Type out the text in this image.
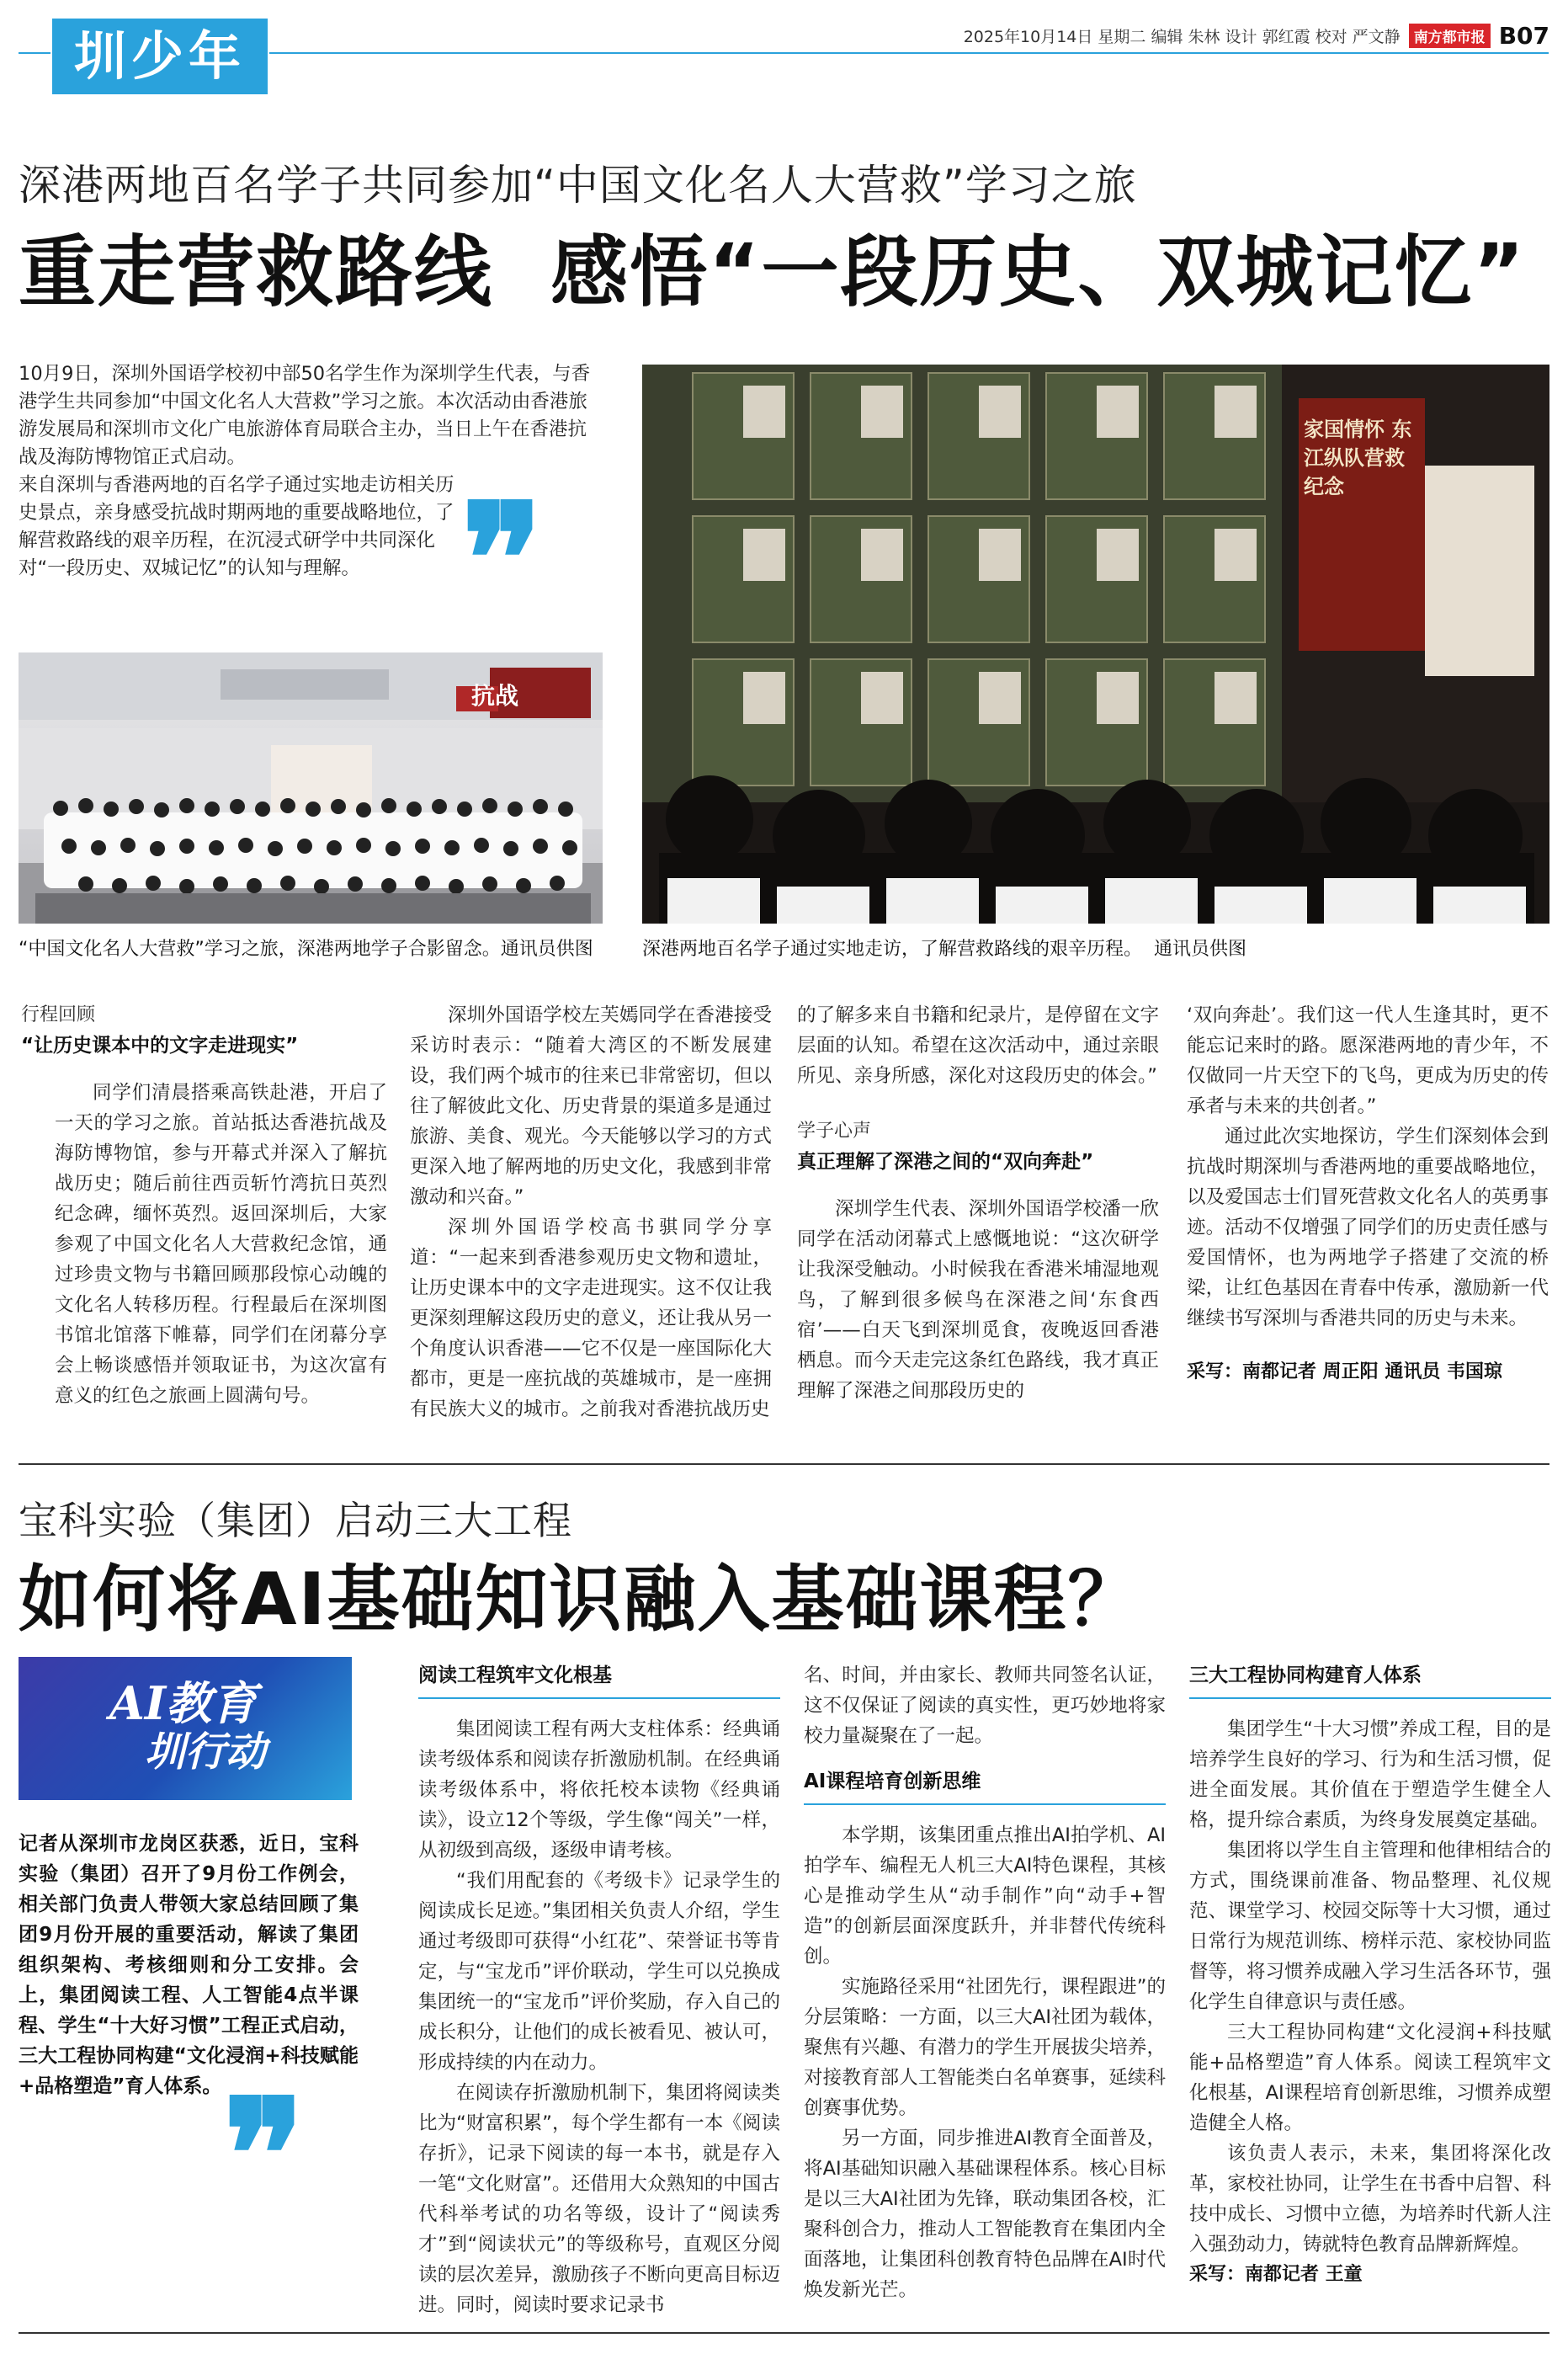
圳少年	2025年10月14日 星期二 编辑 朱林 设计 郭红霞 校对 严文静 南方都市报 B07
深港两地百名学子共同参加“中国文化名人大营救”学习之旅
重走营救路线  感悟“一段历史、双城记忆”

10月9日，深圳外国语学校初中部50名学生作为深圳学生代表，与香港学生共同参加“中国文化名人大营救”学习之旅。本次活动由香港旅游发展局和深圳市文化广电旅游体育局联合主办，当日上午在香港抗战及海防博物馆正式启动。

来自深圳与香港两地的百名学子通过实地走访相关历史景点，亲身感受抗战时期两地的重要战略地位，了解营救路线的艰辛历程，在沉浸式研学中共同深化对“一段历史、双城记忆”的认知与理解。 ❞
抗战
家国情怀 东江纵队营救纪念
“中国文化名人大营救”学习之旅，深港两地学子合影留念。通讯员供图	深港两地百名学子通过实地走访，了解营救路线的艰辛历程。  通讯员供图
行程回顾
“让历史课本中的文字走进现实”

同学们清晨搭乘高铁赴港，开启了一天的学习之旅。首站抵达香港抗战及海防博物馆，参与开幕式并深入了解抗战历史；随后前往西贡斩竹湾抗日英烈纪念碑，缅怀英烈。返回深圳后，大家参观了中国文化名人大营救纪念馆，通过珍贵文物与书籍回顾那段惊心动魄的文化名人转移历程。行程最后在深圳图书馆北馆落下帷幕，同学们在闭幕分享会上畅谈感悟并领取证书，为这次富有意义的红色之旅画上圆满句号。

深圳外国语学校左芙嫣同学在香港接受采访时表示：“随着大湾区的不断发展建设，我们两个城市的往来已非常密切，但以往了解彼此文化、历史背景的渠道多是通过旅游、美食、观光。今天能够以学习的方式更深入地了解两地的历史文化，我感到非常激动和兴奋。”

深圳外国语学校高书骐同学分享道：“一起来到香港参观历史文物和遗址，让历史课本中的文字走进现实。这不仅让我更深刻理解这段历史的意义，还让我从另一个角度认识香港——它不仅是一座国际化大都市，更是一座抗战的英雄城市，是一座拥有民族大义的城市。之前我对香港抗战历史

的了解多来自书籍和纪录片，是停留在文字层面的认知。希望在这次活动中，通过亲眼所见、亲身所感，深化对这段历史的体会。”

学子心声
真正理解了深港之间的“双向奔赴”

深圳学生代表、深圳外国语学校潘一欣同学在活动闭幕式上感慨地说：“这次研学让我深受触动。小时候我在香港米埔湿地观鸟，了解到很多候鸟在深港之间‘东食西宿’——白天飞到深圳觅食，夜晚返回香港栖息。而今天走完这条红色路线，我才真正理解了深港之间那段历史的

‘双向奔赴’。我们这一代人生逢其时，更不能忘记来时的路。愿深港两地的青少年，不仅做同一片天空下的飞鸟，更成为历史的传承者与未来的共创者。”

通过此次实地探访，学生们深刻体会到抗战时期深圳与香港两地的重要战略地位，以及爱国志士们冒死营救文化名人的英勇事迹。活动不仅增强了同学们的历史责任感与爱国情怀，也为两地学子搭建了交流的桥梁，让红色基因在青春中传承，激励新一代继续书写深圳与香港共同的历史与未来。

采写：南都记者 周正阳 通讯员 韦国琼
宝科实验（集团）启动三大工程
如何将AI基础知识融入基础课程？
AI教育
圳行动
记者从深圳市龙岗区获悉，近日，宝科实验（集团）召开了9月份工作例会，相关部门负责人带领大家总结回顾了集团9月份开展的重要活动，解读了集团组织架构、考核细则和分工安排。会上，集团阅读工程、人工智能4点半课程、学生“十大好习惯”工程正式启动，三大工程协同构建“文化浸润+科技赋能+品格塑造”育人体系。 ❞
阅读工程筑牢文化根基

集团阅读工程有两大支柱体系：经典诵读考级体系和阅读存折激励机制。在经典诵读考级体系中，将依托校本读物《经典诵读》，设立12个等级，学生像“闯关”一样，从初级到高级，逐级申请考核。

“我们用配套的《考级卡》记录学生的阅读成长足迹。”集团相关负责人介绍，学生通过考级即可获得“小红花”、荣誉证书等肯定，与“宝龙币”评价联动，学生可以兑换成集团统一的“宝龙币”评价奖励，存入自己的成长积分，让他们的成长被看见、被认可，形成持续的内在动力。

在阅读存折激励机制下，集团将阅读类比为“财富积累”，每个学生都有一本《阅读存折》，记录下阅读的每一本书，就是存入一笔“文化财富”。还借用大众熟知的中国古代科举考试的功名等级，设计了“阅读秀才”到“阅读状元”的等级称号，直观区分阅读的层次差异，激励孩子不断向更高目标迈进。同时，阅读时要求记录书

名、时间，并由家长、教师共同签名认证，这不仅保证了阅读的真实性，更巧妙地将家校力量凝聚在了一起。

AI课程培育创新思维

本学期，该集团重点推出AI拍学机、AI拍学车、编程无人机三大AI特色课程，其核心是推动学生从“动手制作”向“动手+智造”的创新层面深度跃升，并非替代传统科创。

实施路径采用“社团先行，课程跟进”的分层策略：一方面，以三大AI社团为载体，聚焦有兴趣、有潜力的学生开展拔尖培养，对接教育部人工智能类白名单赛事，延续科创赛事优势。

另一方面，同步推进AI教育全面普及，将AI基础知识融入基础课程体系。核心目标是以三大AI社团为先锋，联动集团各校，汇聚科创合力，推动人工智能教育在集团内全面落地，让集团科创教育特色品牌在AI时代焕发新光芒。

三大工程协同构建育人体系

集团学生“十大习惯”养成工程，目的是培养学生良好的学习、行为和生活习惯，促进全面发展。其价值在于塑造学生健全人格，提升综合素质，为终身发展奠定基础。

集团将以学生自主管理和他律相结合的方式，围绕课前准备、物品整理、礼仪规范、课堂学习、校园交际等十大习惯，通过日常行为规范训练、榜样示范、家校协同监督等，将习惯养成融入学习生活各环节，强化学生自律意识与责任感。

三大工程协同构建“文化浸润+科技赋能+品格塑造”育人体系。阅读工程筑牢文化根基，AI课程培育创新思维，习惯养成塑造健全人格。

该负责人表示，未来，集团将深化改革，家校社协同，让学生在书香中启智、科技中成长、习惯中立德，为培养时代新人注入强劲动力，铸就特色教育品牌新辉煌。

采写：南都记者 王童
